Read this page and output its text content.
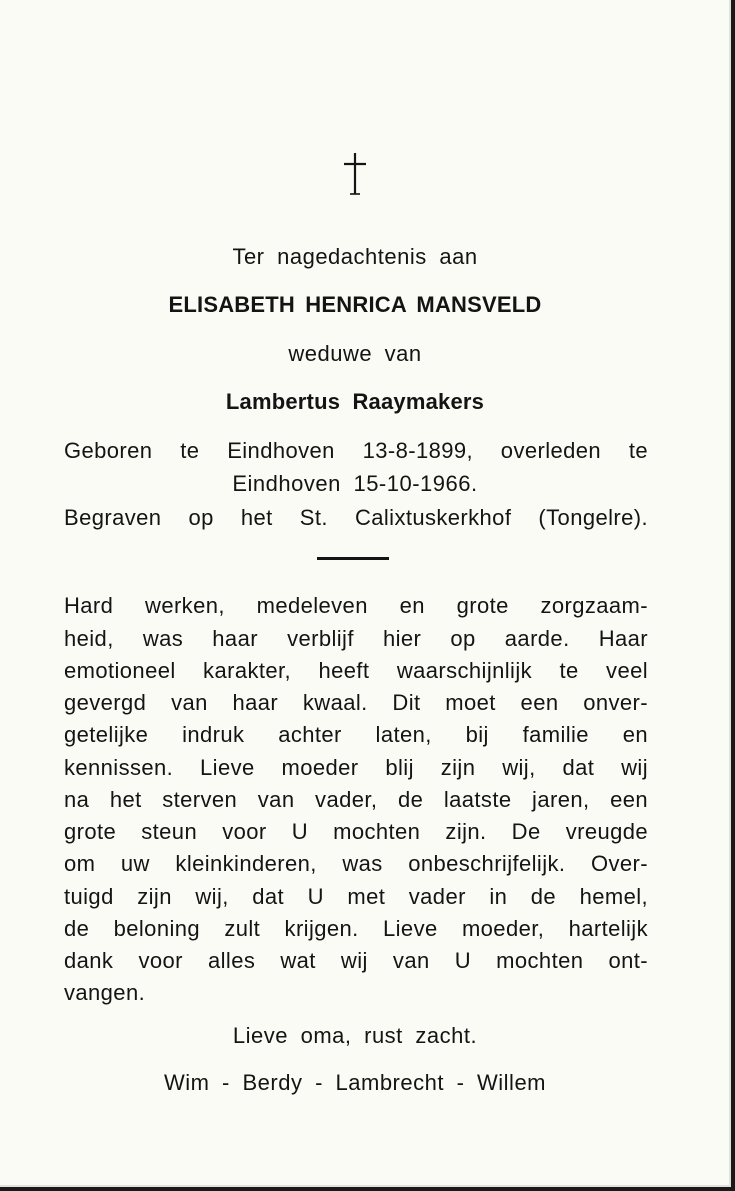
Ter nagedachtenis aan
ELISABETH HENRICA MANSVELD
weduwe van
Lambertus Raaymakers
Geboren te Eindhoven 13-8-1899, overleden te
Eindhoven 15-10-1966.
Begraven op het St. Calixtuskerkhof (Tongelre).
Hard werken, medeleven en grote zorgzaam-
heid, was haar verblijf hier op aarde. Haar
emotioneel karakter, heeft waarschijnlijk te veel
gevergd van haar kwaal. Dit moet een onver-
getelijke indruk achter laten, bij familie en
kennissen. Lieve moeder blij zijn wij, dat wij
na het sterven van vader, de laatste jaren, een
grote steun voor U mochten zijn. De vreugde
om uw kleinkinderen, was onbeschrijfelijk. Over-
tuigd zijn wij, dat U met vader in de hemel,
de beloning zult krijgen. Lieve moeder, hartelijk
dank voor alles wat wij van U mochten ont-
vangen.
Lieve oma, rust zacht.
Wim - Berdy - Lambrecht - Willem
